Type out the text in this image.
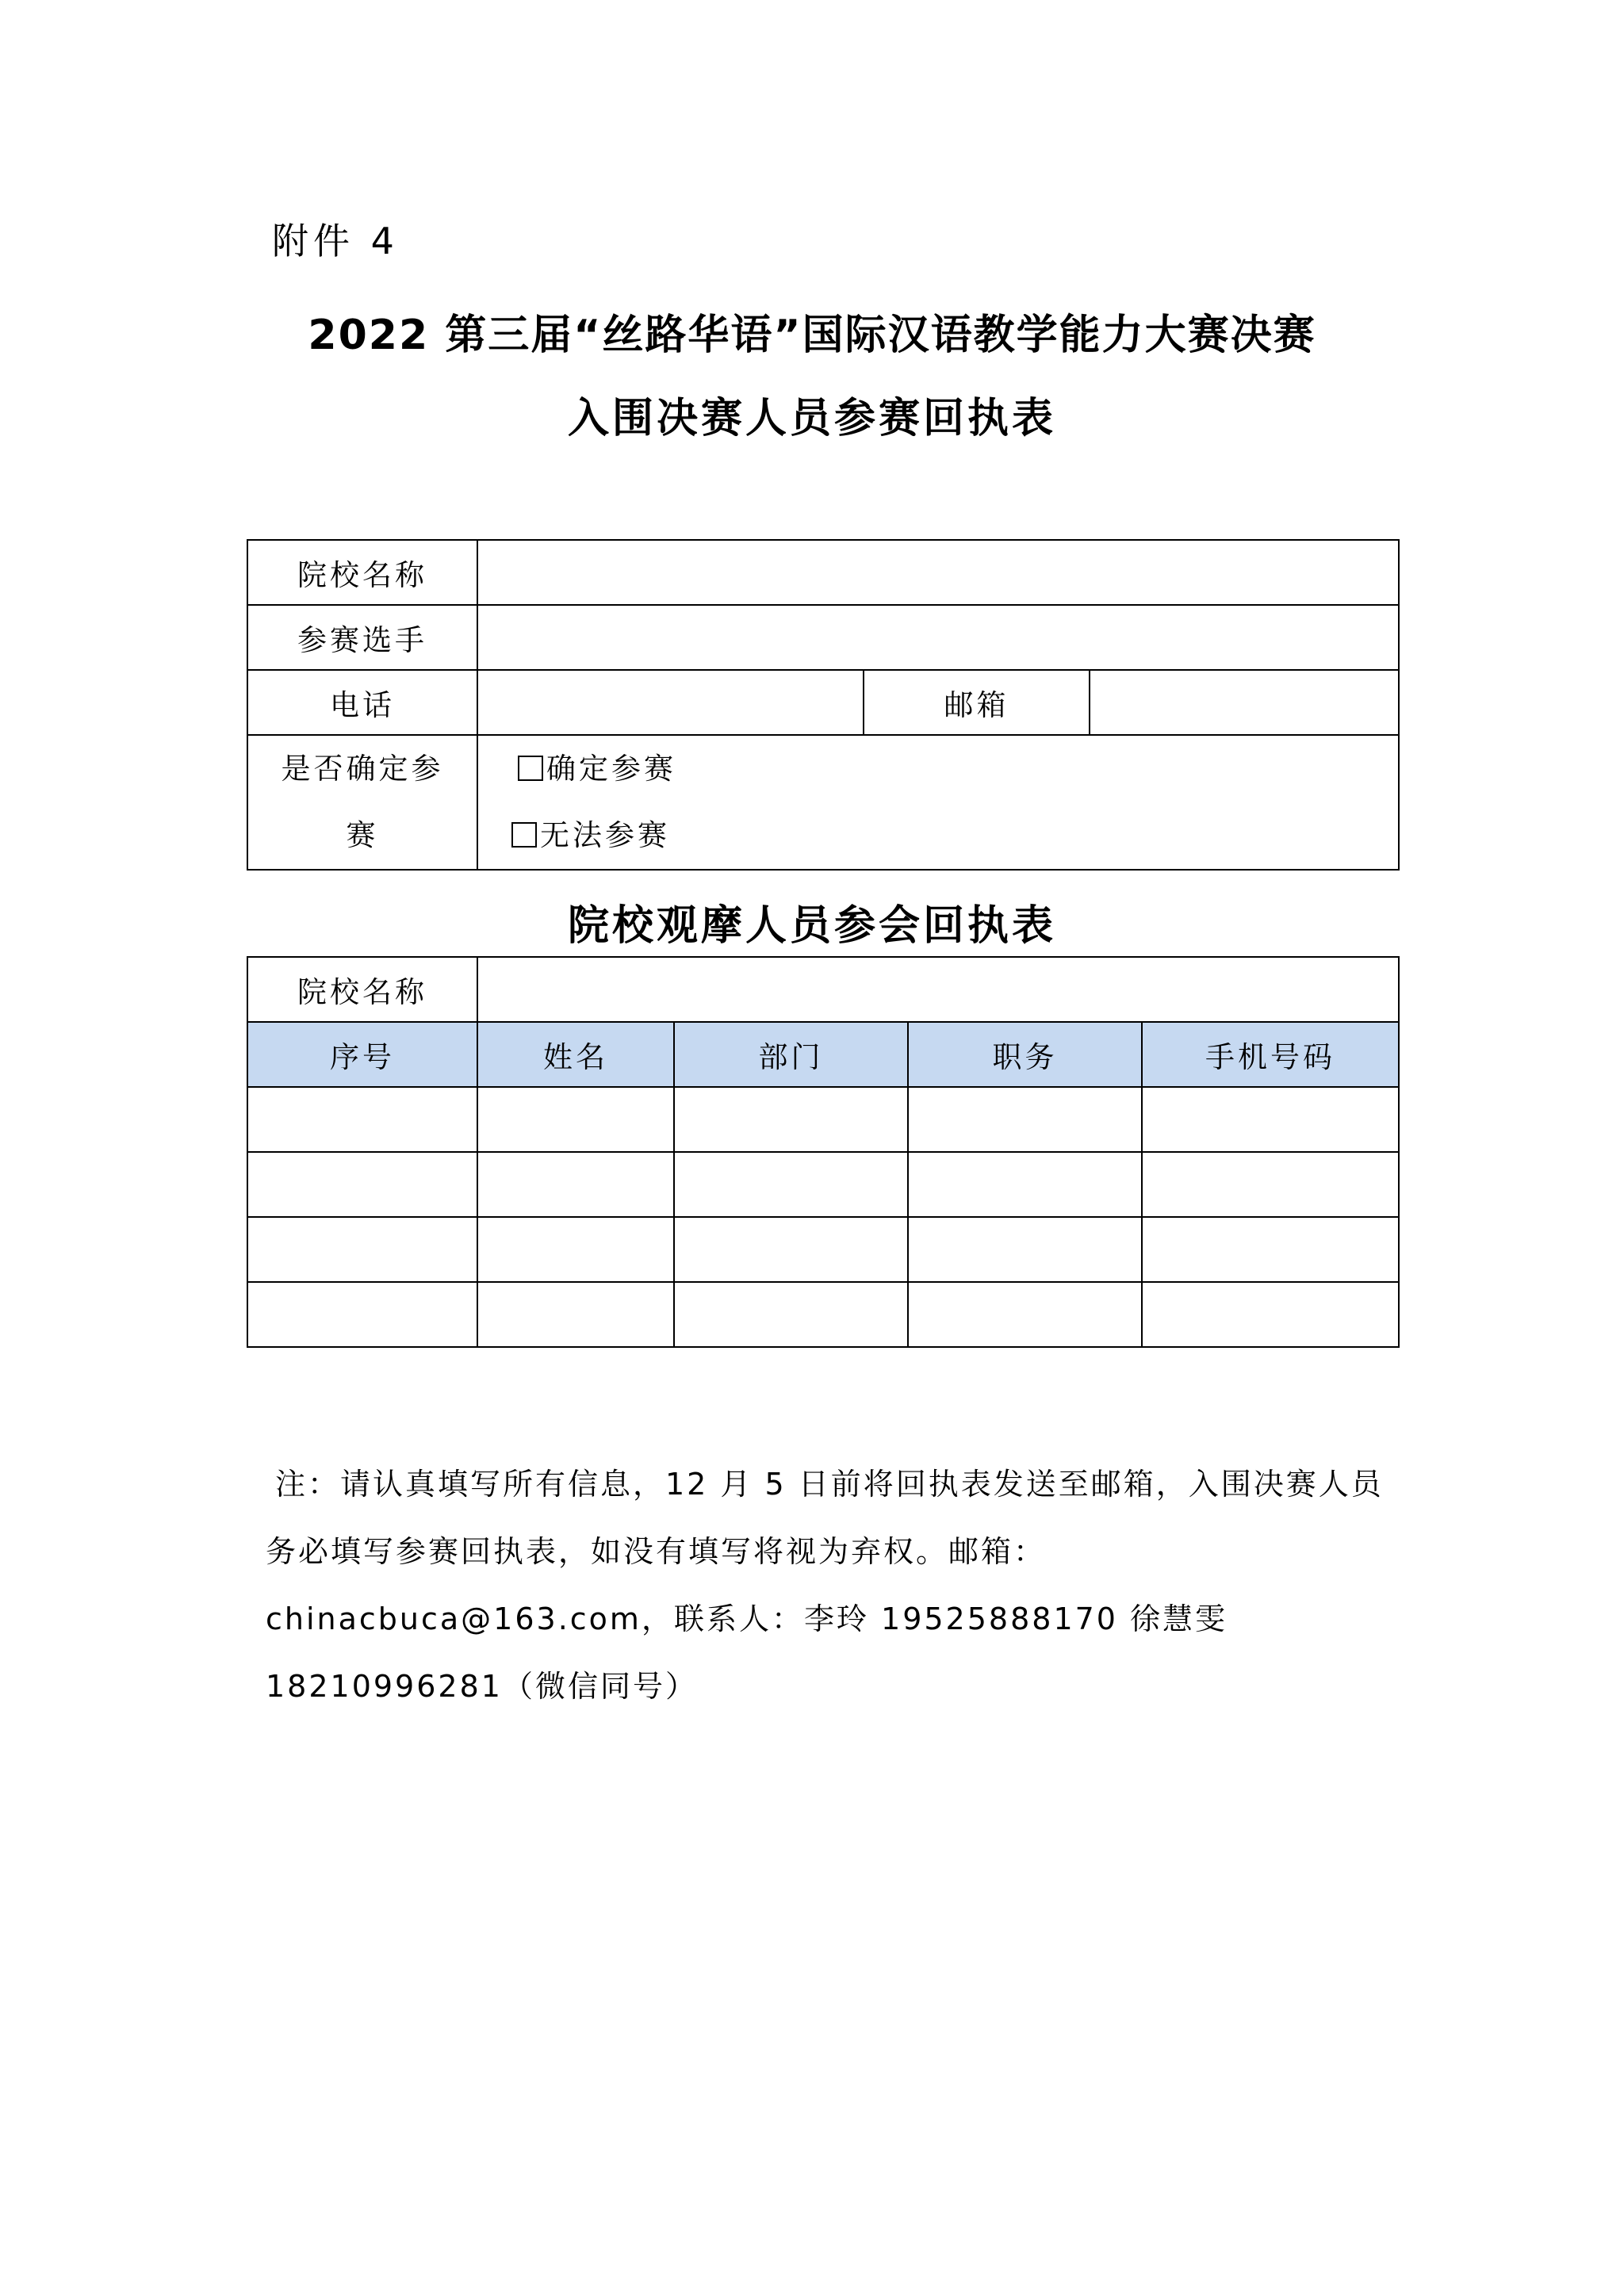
附件 4
2022 第三届“丝路华语”国际汉语教学能力大赛决赛
入围决赛人员参赛回执表
院校名称			
参赛选手			
电话		邮箱	
是否确定参赛	确定参赛
无法参赛		
院校观摩人员参会回执表
院校名称				
序号	姓名	部门	职务	手机号码

注：请认真填写所有信息，12 月 5 日前将回执表发送至邮箱，入围决赛人员务必填写参赛回执表，如没有填写将视为弃权。邮箱：chinacbuca@163.com，联系人：李玲 19525888170 徐慧雯 18210996281（微信同号）
